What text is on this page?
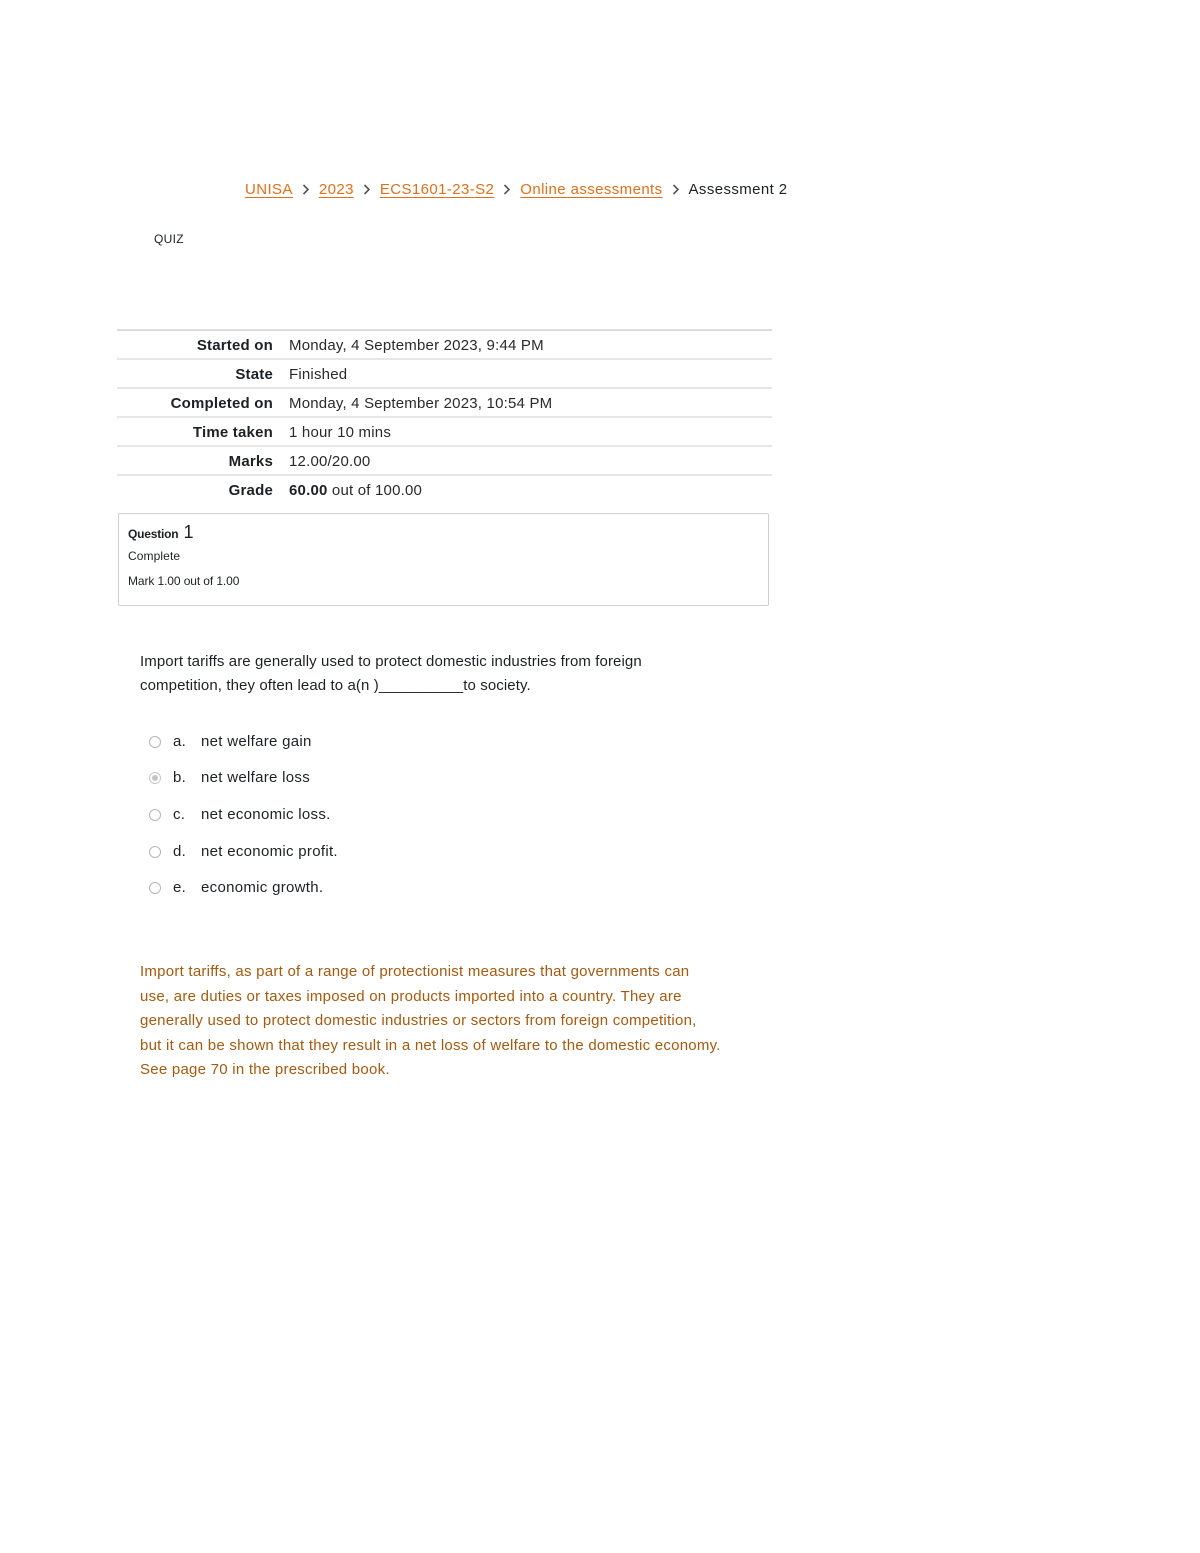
UNISA 2023 ECS1601-23-S2 Online assessments Assessment 2
QUIZ
Started on	Monday, 4 September 2023, 9:44 PM
State	Finished
Completed on	Monday, 4 September 2023, 10:54 PM
Time taken	1 hour 10 mins
Marks	12.00/20.00
Grade	60.00 out of 100.00
Question 1
Complete
Mark 1.00 out of 1.00
Import tariffs are generally used to protect domestic industries from foreign
competition, they often lead to a(n )__________to society.
a. net welfare gain
b. net welfare loss
c.	net economic loss.
d. net economic profit.
e. economic growth.
Import tariffs, as part of a range of protectionist measures that governments can
use, are duties or taxes imposed on products imported into a country. They are
generally used to protect domestic industries or sectors from foreign competition,
but it can be shown that they result in a net loss of welfare to the domestic economy.
See page 70 in the prescribed book.
